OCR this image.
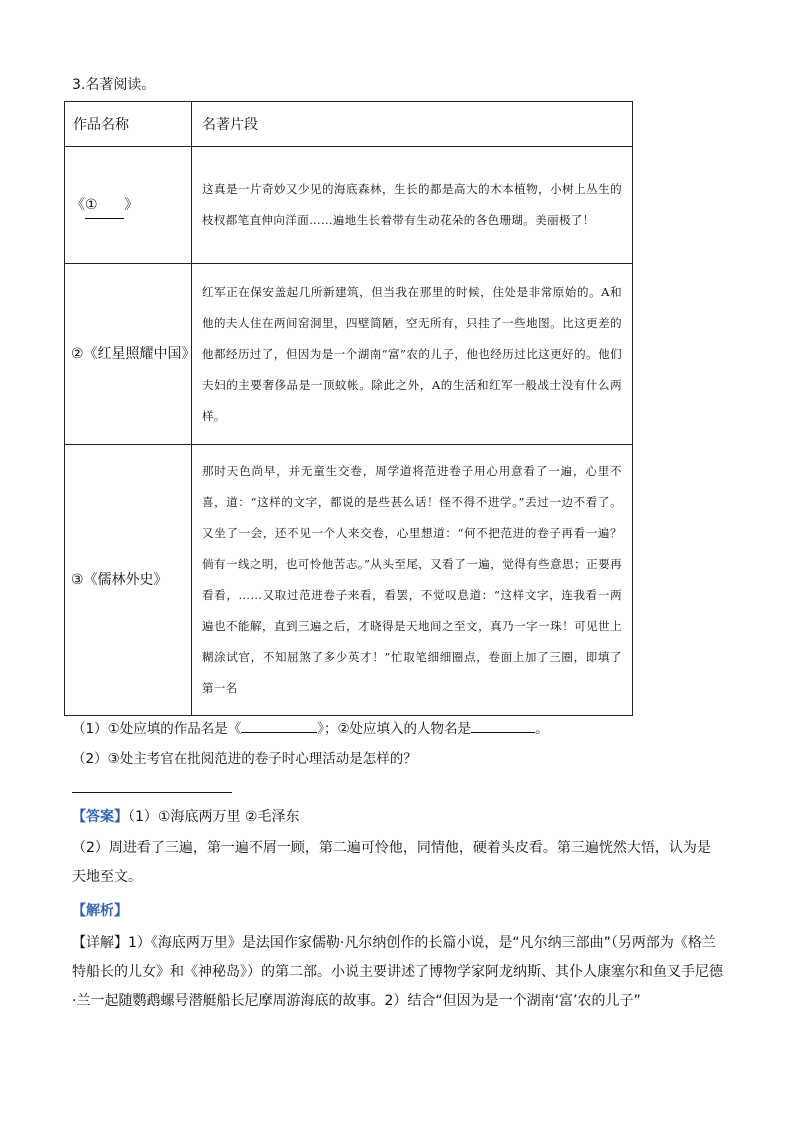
3.名著阅读。
作品名称	名著片段
《① 》	这真是一片奇妙又少见的海底森林，生长的都是高大的木本植物，小树上丛生的枝杈都笔直伸向洋面……遍地生长着带有生动花朵的各色珊瑚。美丽极了！
②《红星照耀中国》	红军正在保安盖起几所新建筑，但当我在那里的时候，住处是非常原始的。A和他的夫人住在两间窑洞里，四壁简陋，空无所有，只挂了一些地图。比这更差的他都经历过了，但因为是一个湖南“富”农的儿子，他也经历过比这更好的。他们夫妇的主要奢侈品是一顶蚊帐。除此之外，A的生活和红军一般战士没有什么两样。
③《儒林外史》	那时天色尚早，并无童生交卷，周学道将范进卷子用心用意看了一遍，心里不喜，道：“这样的文字，都说的是些甚么话！怪不得不进学。”丢过一边不看了。又坐了一会，还不见一个人来交卷，心里想道：“何不把范进的卷子再看一遍？倘有一线之明，也可怜他苦志。”从头至尾，又看了一遍，觉得有些意思；正要再看看，……又取过范进卷子来看，看罢，不觉叹息道：“这样文字，连我看一两遍也不能解，直到三遍之后，才晓得是天地间之至文，真乃一字一珠！可见世上糊涂试官，不知屈煞了多少英才！”忙取笔细细圈点，卷面上加了三圈，即填了第一名
（1）①处应填的作品名是《	》；②处应填入的人物名是	。
（2）③处主考官在批阅范进的卷子时心理活动是怎样的？
【答案】（1）①海底两万里 ②毛泽东
（2）周进看了三遍，第一遍不屑一顾，第二遍可怜他，同情他，硬着头皮看。第三遍恍然大悟，认为是天地至文。
【解析】
【详解】1）《海底两万里》是法国作家儒勒·凡尔纳创作的长篇小说，是“凡尔纳三部曲”（另两部为《格兰特船长的儿女》和《神秘岛》）的第二部。小说主要讲述了博物学家阿龙纳斯、其仆人康塞尔和鱼叉手尼德·兰一起随鹦鹉螺号潜艇船长尼摩周游海底的故事。2）结合“但因为是一个湖南‘富’农的儿子”
